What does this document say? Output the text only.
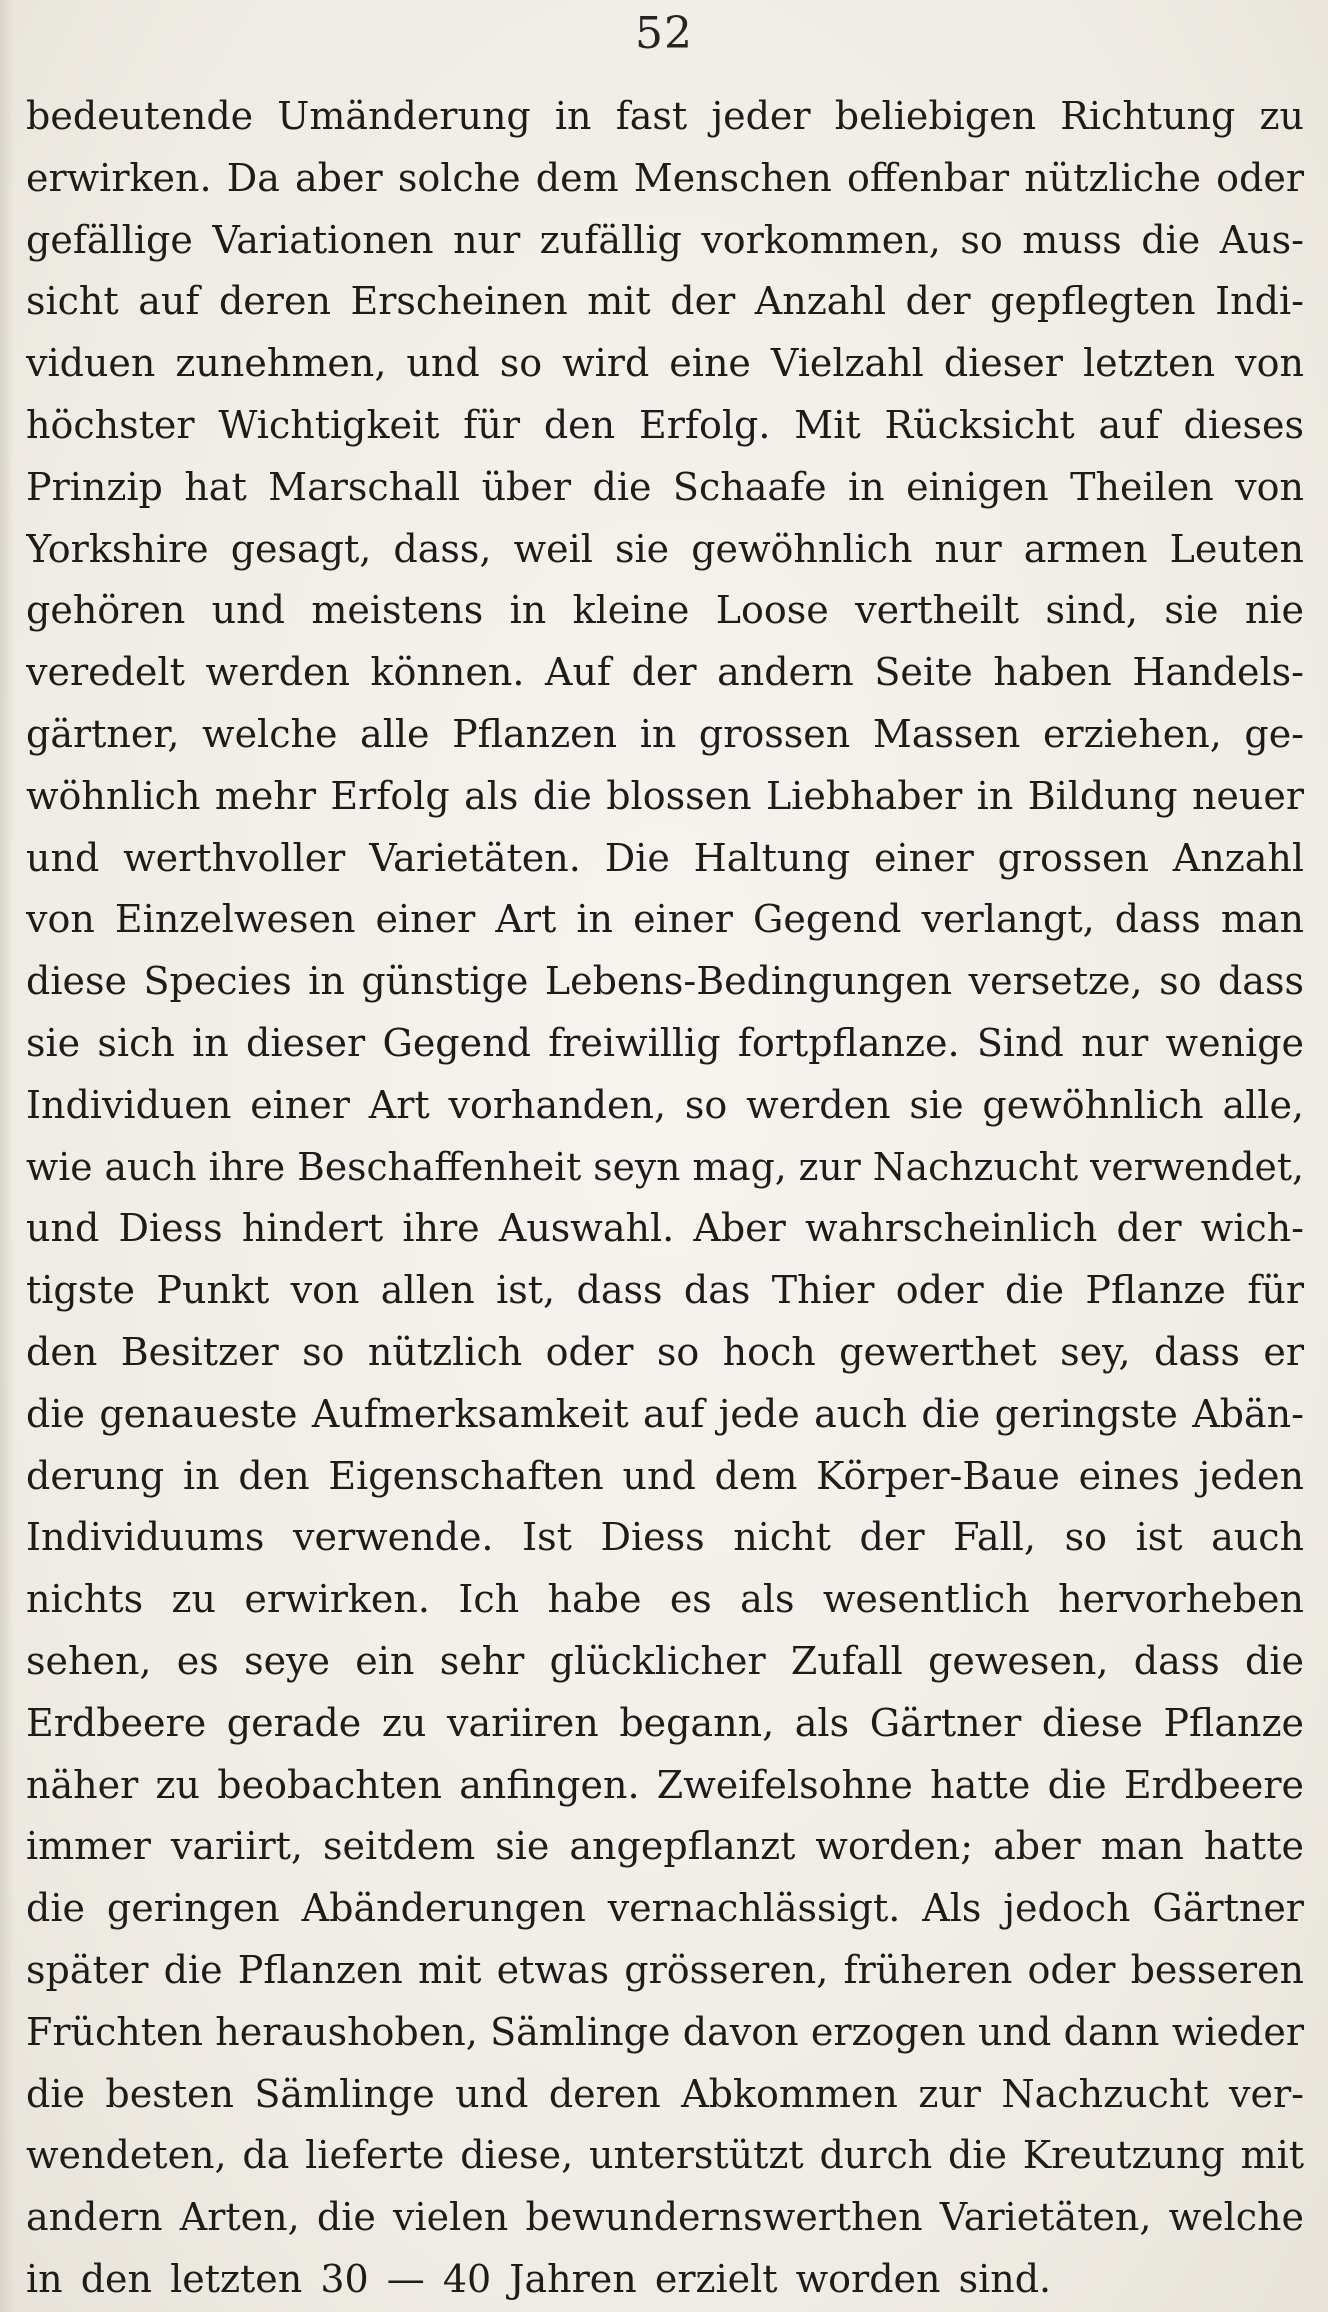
52
bedeutende Umänderung in fast jeder beliebigen Richtung zu
erwirken. Da aber solche dem Menschen offenbar nützliche oder
gefällige Variationen nur zufällig vorkommen, so muss die Aus-
sicht auf deren Erscheinen mit der Anzahl der gepflegten Indi-
viduen zunehmen, und so wird eine Vielzahl dieser letzten von
höchster Wichtigkeit für den Erfolg. Mit Rücksicht auf dieses
Prinzip hat Marschall über die Schaafe in einigen Theilen von
Yorkshire gesagt, dass, weil sie gewöhnlich nur armen Leuten
gehören und meistens in kleine Loose vertheilt sind, sie nie
veredelt werden können. Auf der andern Seite haben Handels-
gärtner, welche alle Pflanzen in grossen Massen erziehen, ge-
wöhnlich mehr Erfolg als die blossen Liebhaber in Bildung neuer
und werthvoller Varietäten. Die Haltung einer grossen Anzahl
von Einzelwesen einer Art in einer Gegend verlangt, dass man
diese Species in günstige Lebens-Bedingungen versetze, so dass
sie sich in dieser Gegend freiwillig fortpflanze. Sind nur wenige
Individuen einer Art vorhanden, so werden sie gewöhnlich alle,
wie auch ihre Beschaffenheit seyn mag, zur Nachzucht verwendet,
und Diess hindert ihre Auswahl. Aber wahrscheinlich der wich-
tigste Punkt von allen ist, dass das Thier oder die Pflanze für
den Besitzer so nützlich oder so hoch gewerthet sey, dass er
die genaueste Aufmerksamkeit auf jede auch die geringste Abän-
derung in den Eigenschaften und dem Körper-Baue eines jeden
Individuums verwende. Ist Diess nicht der Fall, so ist auch
nichts zu erwirken. Ich habe es als wesentlich hervorheben
sehen, es seye ein sehr glücklicher Zufall gewesen, dass die
Erdbeere gerade zu variiren begann, als Gärtner diese Pflanze
näher zu beobachten anfingen. Zweifelsohne hatte die Erdbeere
immer variirt, seitdem sie angepflanzt worden; aber man hatte
die geringen Abänderungen vernachlässigt. Als jedoch Gärtner
später die Pflanzen mit etwas grösseren, früheren oder besseren
Früchten heraushoben, Sämlinge davon erzogen und dann wieder
die besten Sämlinge und deren Abkommen zur Nachzucht ver-
wendeten, da lieferte diese, unterstützt durch die Kreutzung mit
andern Arten, die vielen bewundernswerthen Varietäten, welche
in den letzten 30 — 40 Jahren erzielt worden sind.
